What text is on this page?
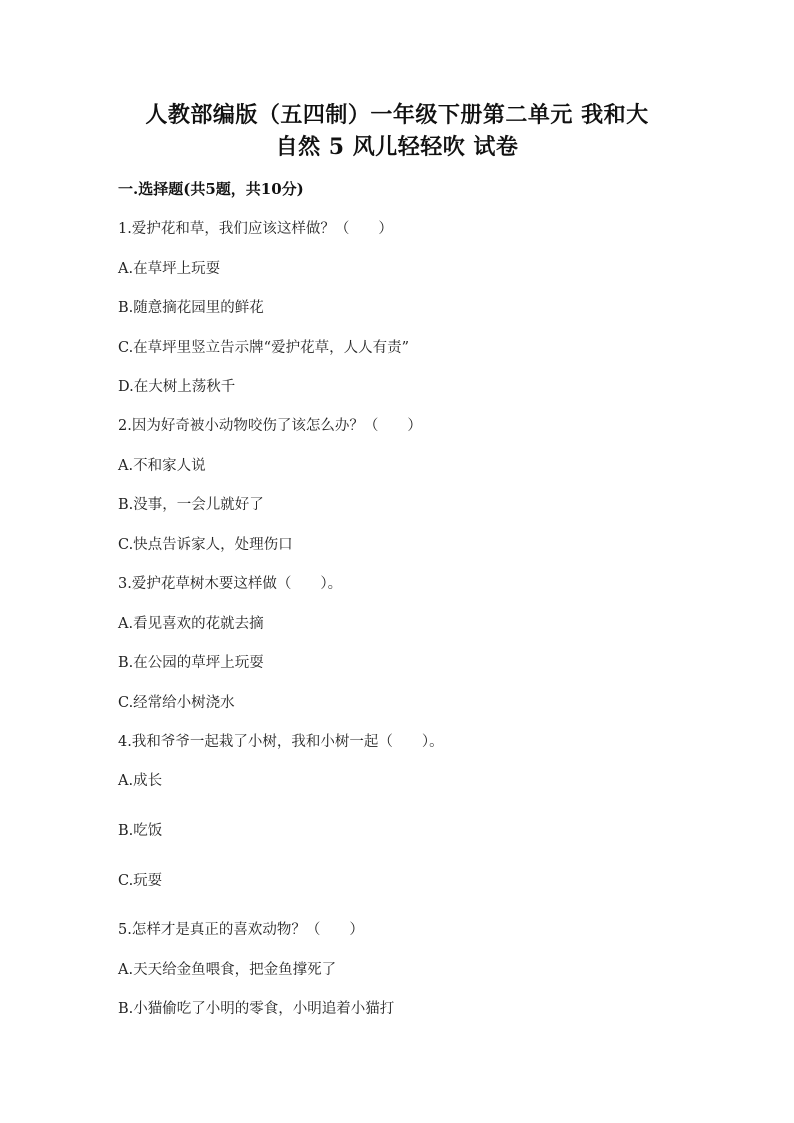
人教部编版（五四制）一年级下册第二单元 我和大
自然 5 风儿轻轻吹 试卷
一.选择题(共5题，共10分)
1.爱护花和草，我们应该这样做？（　　）
A.在草坪上玩耍
B.随意摘花园里的鲜花
C.在草坪里竖立告示牌“爱护花草，人人有责”
D.在大树上荡秋千
2.因为好奇被小动物咬伤了该怎么办？（　　）
A.不和家人说
B.没事，一会儿就好了
C.快点告诉家人，处理伤口
3.爱护花草树木要这样做（　　）。
A.看见喜欢的花就去摘
B.在公园的草坪上玩耍
C.经常给小树浇水
4.我和爷爷一起栽了小树，我和小树一起（　　）。
A.成长
B.吃饭
C.玩耍
5.怎样才是真正的喜欢动物？（　　）
A.天天给金鱼喂食，把金鱼撑死了
B.小猫偷吃了小明的零食，小明追着小猫打
